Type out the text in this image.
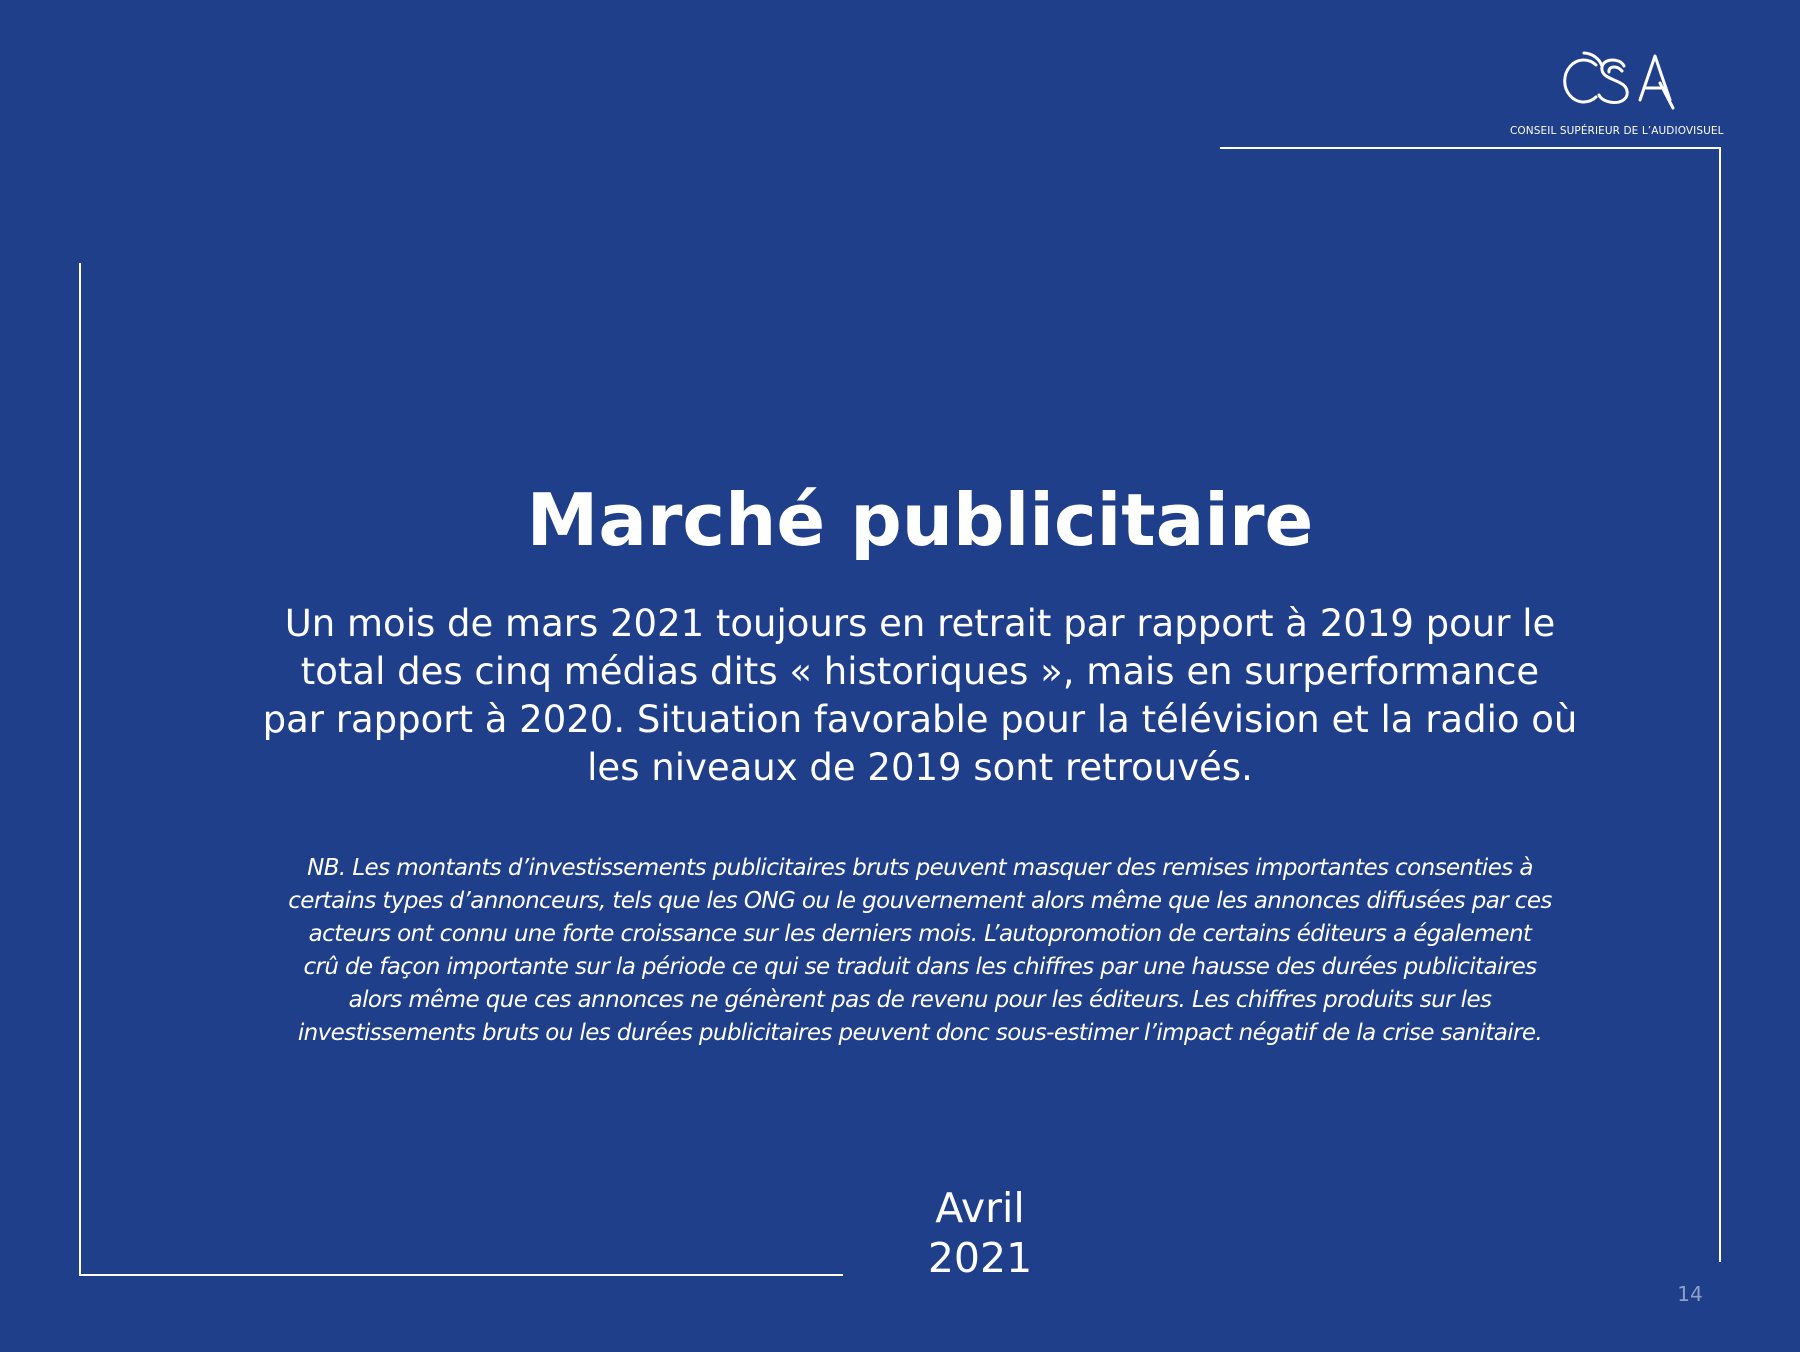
CONSEIL SUPÉRIEUR DE L’AUDIOVISUEL
Marché publicitaire
Un mois de mars 2021 toujours en retrait par rapport à 2019 pour le
total des cinq médias dits « historiques », mais en surperformance
par rapport à 2020. Situation favorable pour la télévision et la radio où
les niveaux de 2019 sont retrouvés.
NB. Les montants d’investissements publicitaires bruts peuvent masquer des remises importantes consenties à
certains types d’annonceurs, tels que les ONG ou le gouvernement alors même que les annonces diffusées par ces
acteurs ont connu une forte croissance sur les derniers mois. L’autopromotion de certains éditeurs a également
crû de façon importante sur la période ce qui se traduit dans les chiffres par une hausse des durées publicitaires
alors même que ces annonces ne génèrent pas de revenu pour les éditeurs. Les chiffres produits sur les
investissements bruts ou les durées publicitaires peuvent donc sous-estimer l’impact négatif de la crise sanitaire.
Avril
2021
14
